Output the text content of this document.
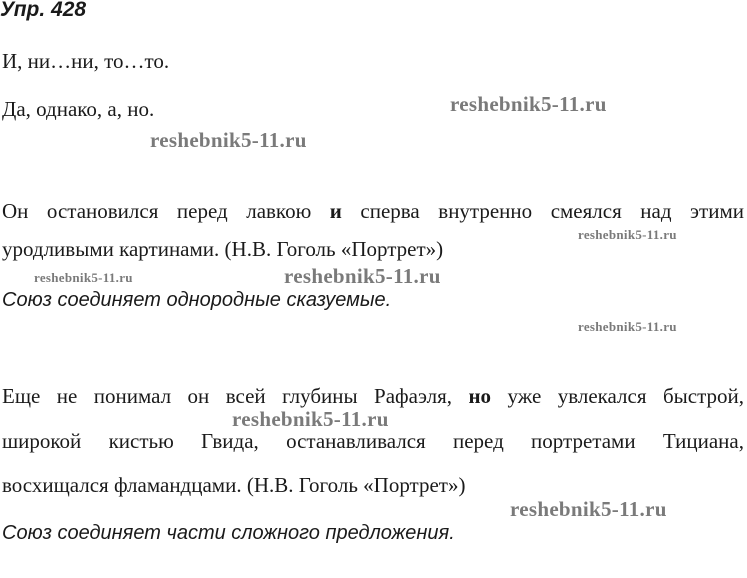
Упр. 428
И, ни…ни, то…то.
Да, однако, а, но.
Он остановился перед лавкою и сперва внутренно смеялся над этими
уродливыми картинами. (Н.В. Гоголь «Портрет»)
Союз соединяет однородные сказуемые.
Еще не понимал он всей глубины Рафаэля, но уже увлекался быстрой,
широкой кистью Гвида, останавливался перед портретами Тициана,
восхищался фламандцами. (Н.В. Гоголь «Портрет»)
Союз соединяет части сложного предложения.
reshebnik5-11.ru
reshebnik5-11.ru
reshebnik5-11.ru
reshebnik5-11.ru	reshebnik5-11.ru
reshebnik5-11.ru
reshebnik5-11.ru
reshebnik5-11.ru
